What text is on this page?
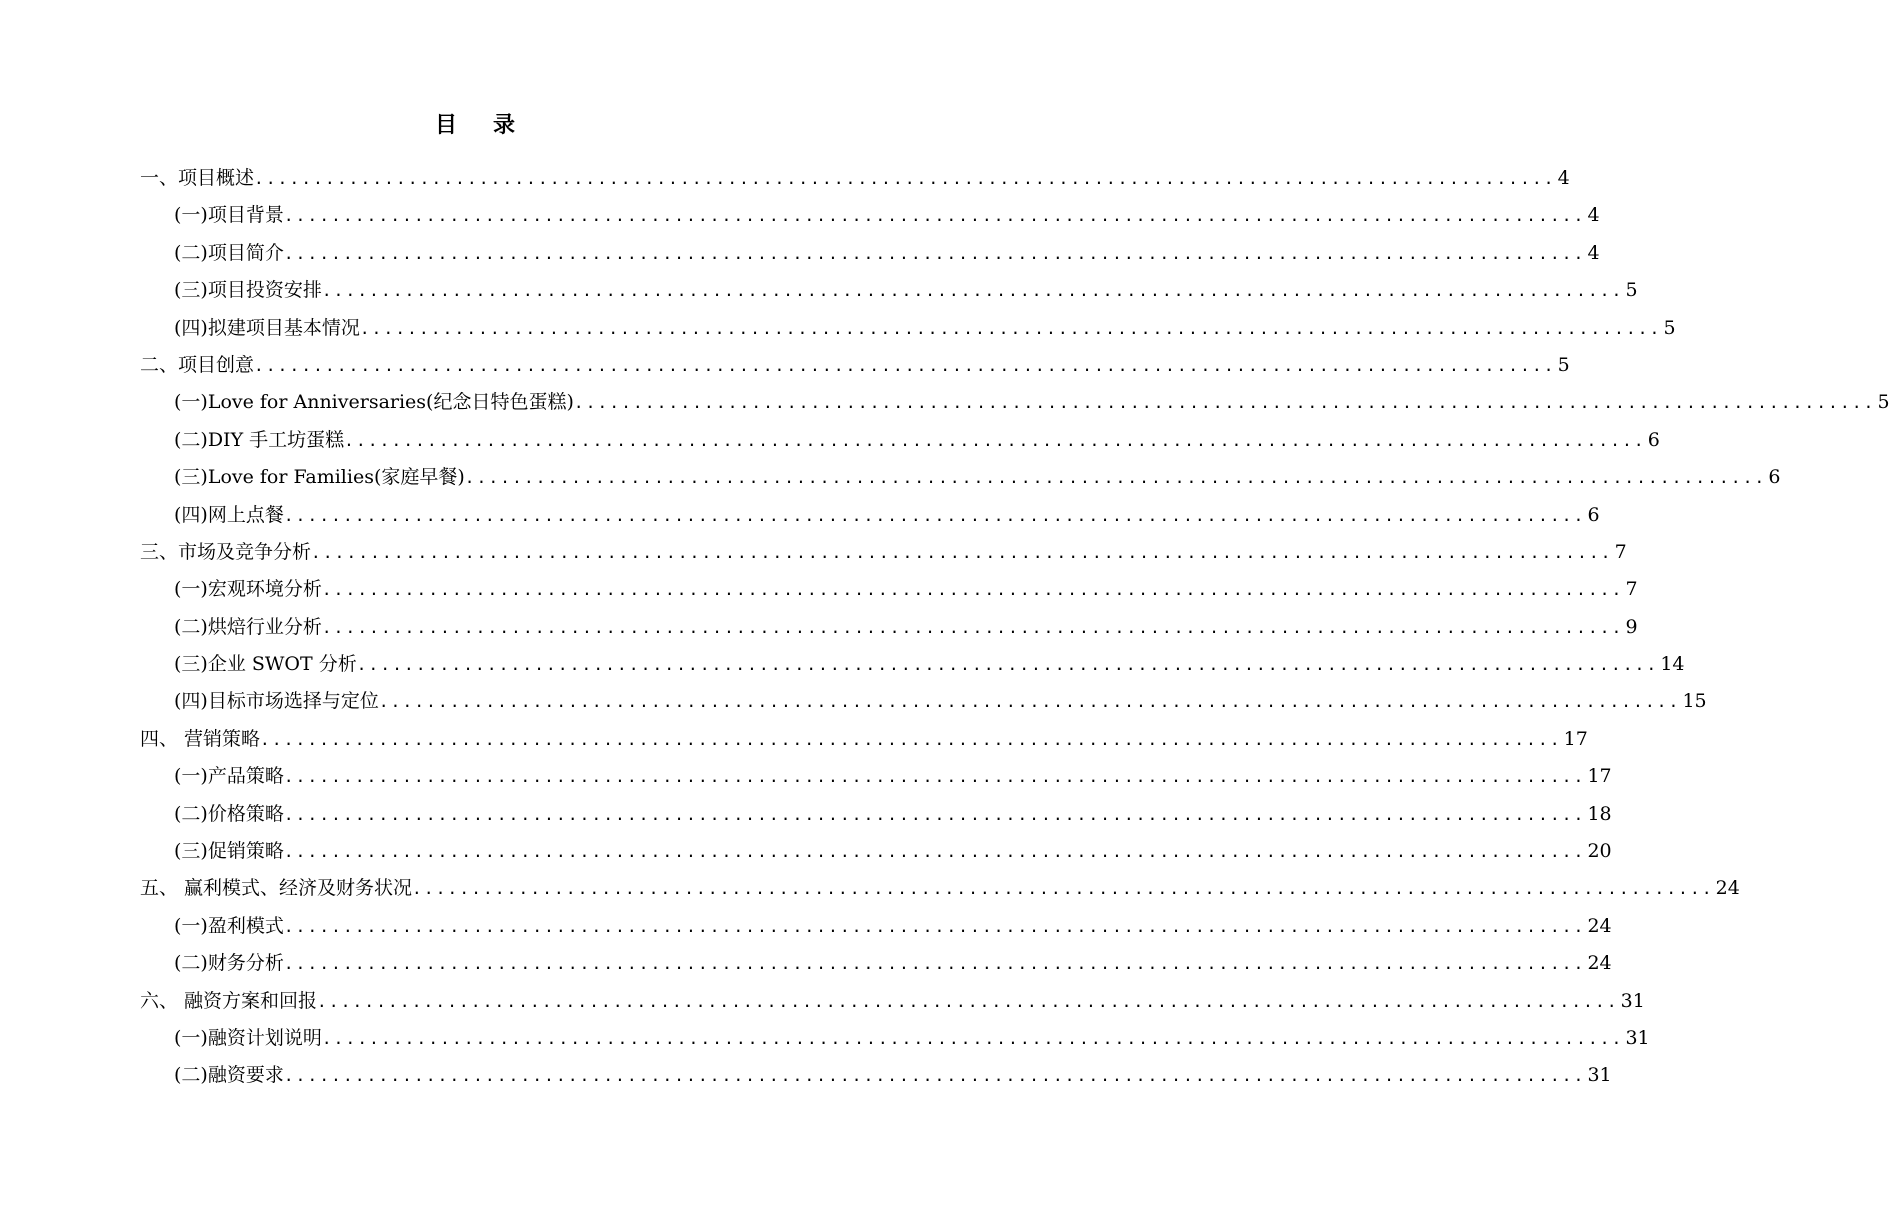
目录
一、项目概述 .............................................................................................................. 4
(一)项目背景 .............................................................................................................. 4
(二)项目简介 .............................................................................................................. 4
(三)项目投资安排 .............................................................................................................. 5
(四)拟建项目基本情况 .............................................................................................................. 5
二、项目创意 .............................................................................................................. 5
(一)Love for Anniversaries(纪念日特色蛋糕) .............................................................................................................. 5
(二)DIY 手工坊蛋糕 .............................................................................................................. 6
(三)Love for Families(家庭早餐) .............................................................................................................. 6
(四)网上点餐 .............................................................................................................. 6
三、市场及竞争分析 .............................................................................................................. 7
(一)宏观环境分析 .............................................................................................................. 7
(二)烘焙行业分析 .............................................................................................................. 9
(三)企业 SWOT 分析 .............................................................................................................. 14
(四)目标市场选择与定位 .............................................................................................................. 15
四、 营销策略 .............................................................................................................. 17
(一)产品策略 .............................................................................................................. 17
(二)价格策略 .............................................................................................................. 18
(三)促销策略 .............................................................................................................. 20
五、 赢利模式、经济及财务状况 .............................................................................................................. 24
(一)盈利模式 .............................................................................................................. 24
(二)财务分析 .............................................................................................................. 24
六、 融资方案和回报 .............................................................................................................. 31
(一)融资计划说明 .............................................................................................................. 31
(二)融资要求 .............................................................................................................. 31
